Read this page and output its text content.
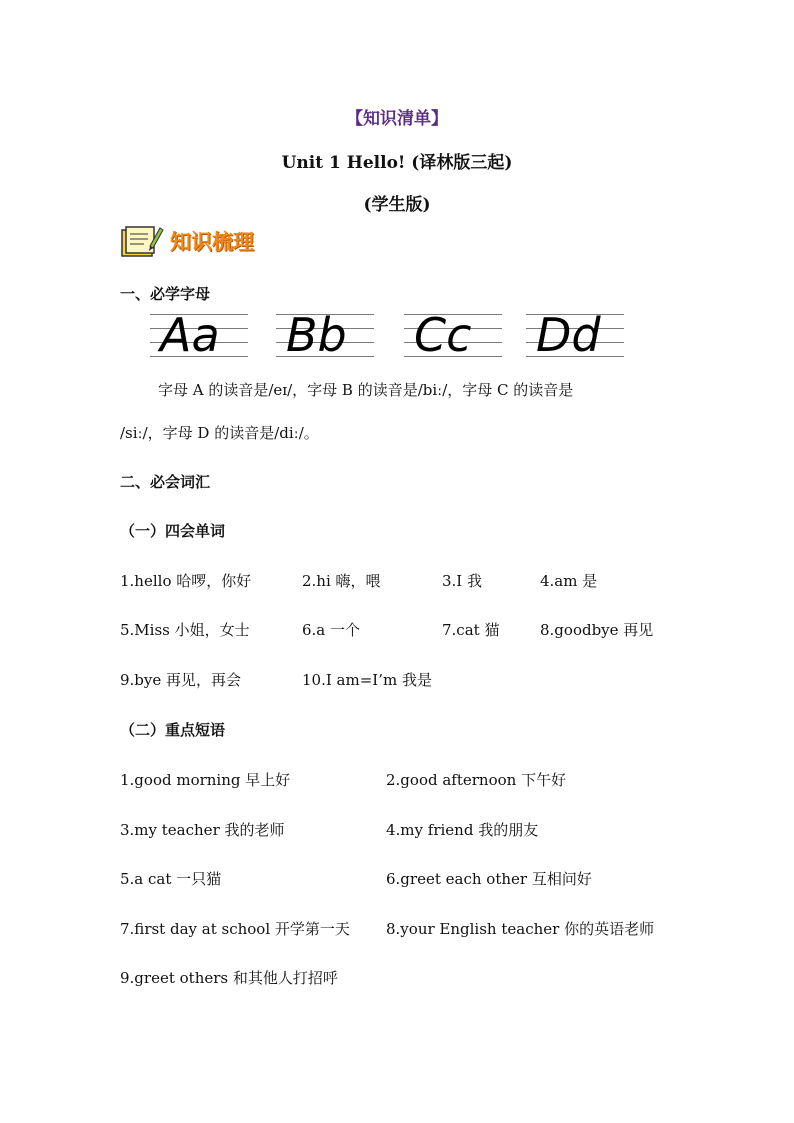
【知识清单】
Unit 1 Hello! (译林版三起)
(学生版)
知识梳理
一、必学字母
Aa Bb Cc Dd
字母 A 的读音是/eɪ/，字母 B 的读音是/biː/，字母 C 的读音是
/siː/，字母 D 的读音是/diː/。
二、必会词汇
（一）四会单词
1.hello 哈啰，你好	2.hi 嗨，喂	3.I 我	4.am 是
5.Miss 小姐，女士	6.a 一个	7.cat 猫	8.goodbye 再见
9.bye 再见，再会	10.I am=I’m 我是
（二）重点短语
1.good morning 早上好	2.good afternoon 下午好
3.my teacher 我的老师	4.my friend 我的朋友
5.a cat 一只猫	6.greet each other 互相问好
7.first day at school 开学第一天 8.your English teacher 你的英语老师
9.greet others 和其他人打招呼
